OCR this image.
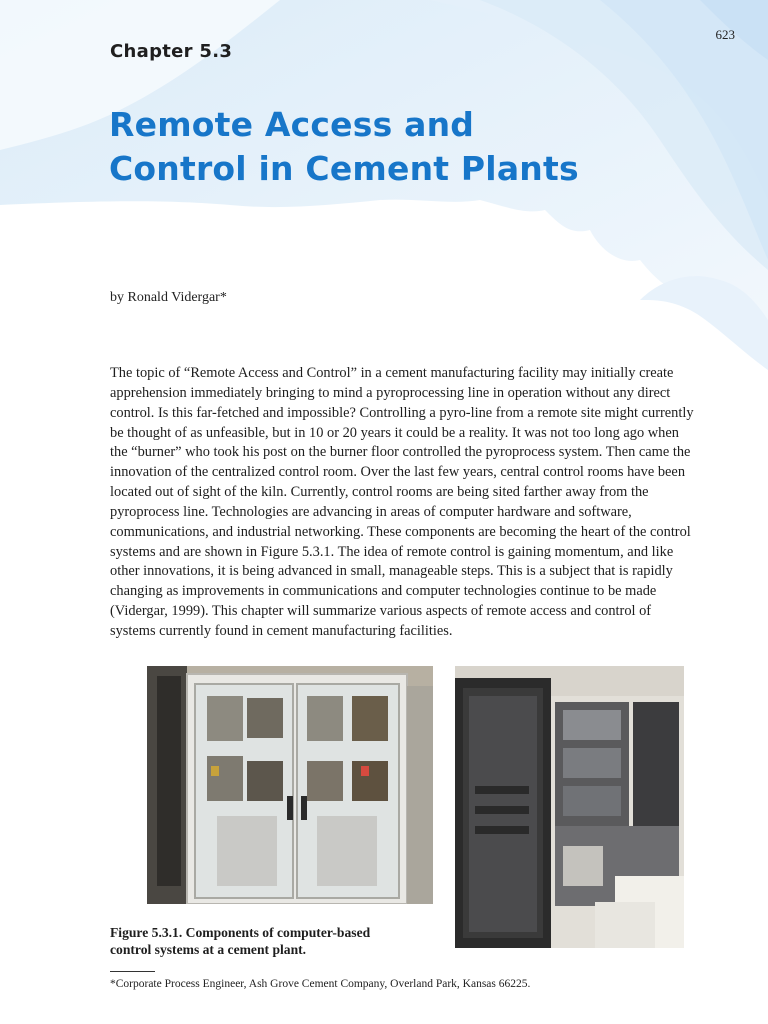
623
Chapter 5.3
Remote Access and
Control in Cement Plants
by Ronald Vidergar*

The topic of “Remote Access and Control” in a cement manufacturing facility may initially create apprehension immediately bringing to mind a pyroprocessing line in operation without any direct control. Is this far-fetched and impossible? Controlling a pyro-line from a remote site might currently be thought of as unfeasible, but in 10 or 20 years it could be a reality. It was not too long ago when the “burner” who took his post on the burner floor controlled the pyroprocess system. Then came the innovation of the centralized control room. Over the last few years, central control rooms have been located out of sight of the kiln. Currently, control rooms are being sited farther away from the pyroprocess line. Technologies are advancing in areas of computer hardware and software, communications, and industrial networking. These components are becoming the heart of the control systems and are shown in Figure 5.3.1. The idea of remote control is gaining momentum, and like other innovations, it is being advanced in small, manageable steps. This is a subject that is rapidly changing as improvements in communications and computer technologies continue to be made (Vidergar, 1999). This chapter will summarize various aspects of remote access and control of systems currently found in cement manufacturing facilities.

Figure 5.3.1. Components of computer-based
control systems at a cement plant.

*Corporate Process Engineer, Ash Grove Cement Company, Overland Park, Kansas 66225.
